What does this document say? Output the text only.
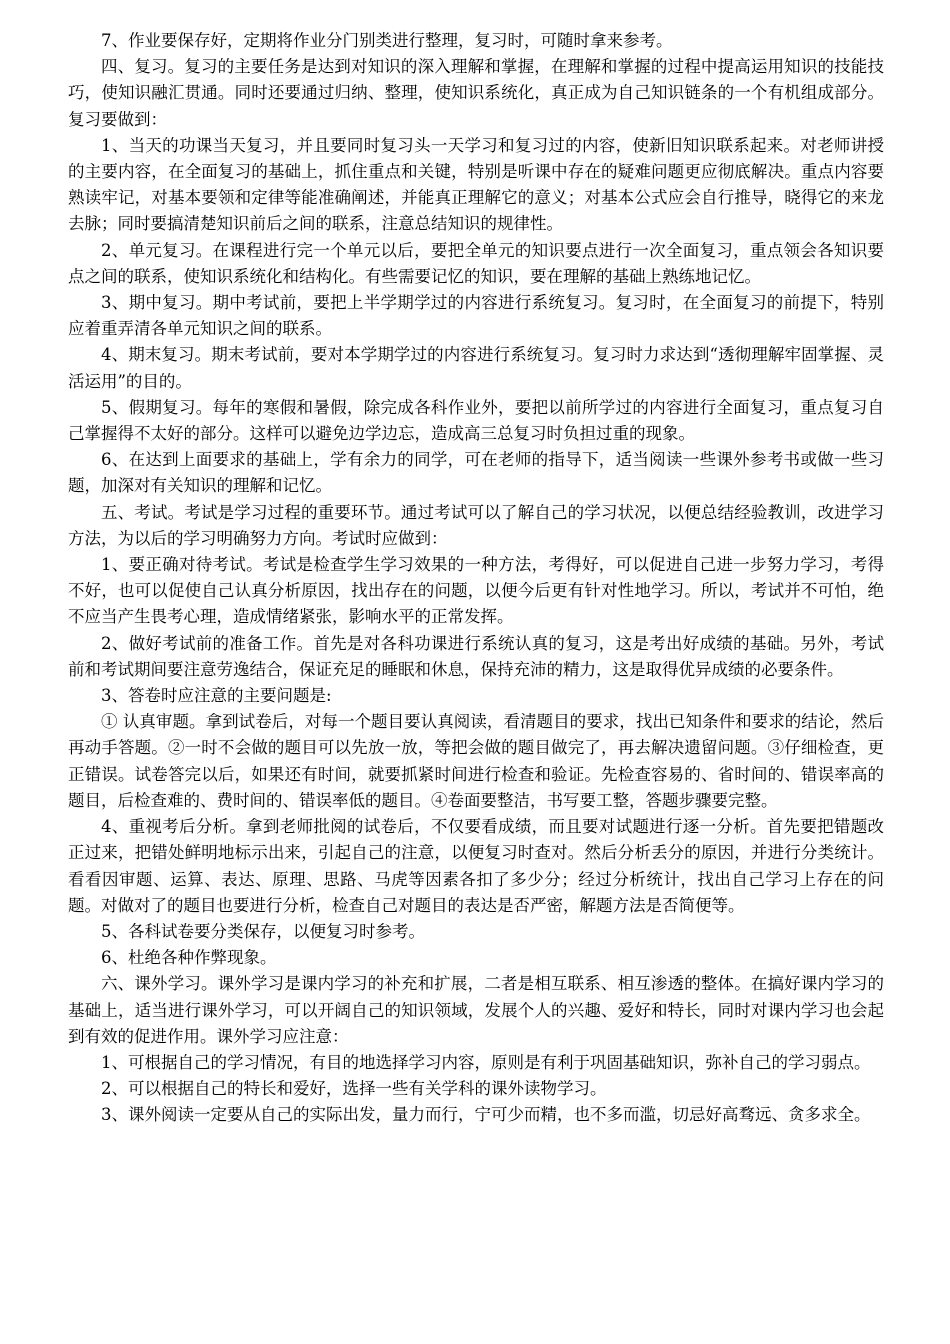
7、作业要保存好，定期将作业分门别类进行整理，复习时，可随时拿来参考。

四、复习。复习的主要任务是达到对知识的深入理解和掌握，在理解和掌握的过程中提高运用知识的技能技巧，使知识融汇贯通。同时还要通过归纳、整理，使知识系统化，真正成为自己知识链条的一个有机组成部分。复习要做到：

1、当天的功课当天复习，并且要同时复习头一天学习和复习过的内容，使新旧知识联系起来。对老师讲授的主要内容，在全面复习的基础上，抓住重点和关键，特别是听课中存在的疑难问题更应彻底解决。重点内容要熟读牢记，对基本要领和定律等能准确阐述，并能真正理解它的意义；对基本公式应会自行推导，晓得它的来龙去脉；同时要搞清楚知识前后之间的联系，注意总结知识的规律性。

2、单元复习。在课程进行完一个单元以后，要把全单元的知识要点进行一次全面复习，重点领会各知识要点之间的联系，使知识系统化和结构化。有些需要记忆的知识，要在理解的基础上熟练地记忆。

3、期中复习。期中考试前，要把上半学期学过的内容进行系统复习。复习时，在全面复习的前提下，特别应着重弄清各单元知识之间的联系。

4、期末复习。期末考试前，要对本学期学过的内容进行系统复习。复习时力求达到“透彻理解牢固掌握、灵活运用”的目的。

5、假期复习。每年的寒假和暑假，除完成各科作业外，要把以前所学过的内容进行全面复习，重点复习自己掌握得不太好的部分。这样可以避免边学边忘，造成高三总复习时负担过重的现象。

6、在达到上面要求的基础上，学有余力的同学，可在老师的指导下，适当阅读一些课外参考书或做一些习题，加深对有关知识的理解和记忆。

五、考试。考试是学习过程的重要环节。通过考试可以了解自己的学习状况，以便总结经验教训，改进学习方法，为以后的学习明确努力方向。考试时应做到：

1、要正确对待考试。考试是检查学生学习效果的一种方法，考得好，可以促进自己进一步努力学习，考得不好，也可以促使自己认真分析原因，找出存在的问题，以便今后更有针对性地学习。所以，考试并不可怕，绝不应当产生畏考心理，造成情绪紧张，影响水平的正常发挥。

2、做好考试前的准备工作。首先是对各科功课进行系统认真的复习，这是考出好成绩的基础。另外，考试前和考试期间要注意劳逸结合，保证充足的睡眠和休息，保持充沛的精力，这是取得优异成绩的必要条件。

3、答卷时应注意的主要问题是:

① 认真审题。拿到试卷后，对每一个题目要认真阅读，看清题目的要求，找出已知条件和要求的结论，然后再动手答题。②一时不会做的题目可以先放一放，等把会做的题目做完了，再去解决遗留问题。③仔细检查，更正错误。试卷答完以后，如果还有时间，就要抓紧时间进行检查和验证。先检查容易的、省时间的、错误率高的题目，后检查难的、费时间的、错误率低的题目。④卷面要整洁，书写要工整，答题步骤要完整。

4、重视考后分析。拿到老师批阅的试卷后，不仅要看成绩，而且要对试题进行逐一分析。首先要把错题改正过来，把错处鲜明地标示出来，引起自己的注意，以便复习时查对。然后分析丢分的原因，并进行分类统计。看看因审题、运算、表达、原理、思路、马虎等因素各扣了多少分；经过分析统计，找出自己学习上存在的问题。对做对了的题目也要进行分析，检查自己对题目的表达是否严密，解题方法是否简便等。

5、各科试卷要分类保存，以便复习时参考。

6、杜绝各种作弊现象。

六、课外学习。课外学习是课内学习的补充和扩展，二者是相互联系、相互渗透的整体。在搞好课内学习的基础上，适当进行课外学习，可以开阔自己的知识领域，发展个人的兴趣、爱好和特长，同时对课内学习也会起到有效的促进作用。课外学习应注意：

1、可根据自己的学习情况，有目的地选择学习内容，原则是有利于巩固基础知识，弥补自己的学习弱点。

2、可以根据自己的特长和爱好，选择一些有关学科的课外读物学习。

3、课外阅读一定要从自己的实际出发，量力而行，宁可少而精，也不多而滥，切忌好高骛远、贪多求全。
